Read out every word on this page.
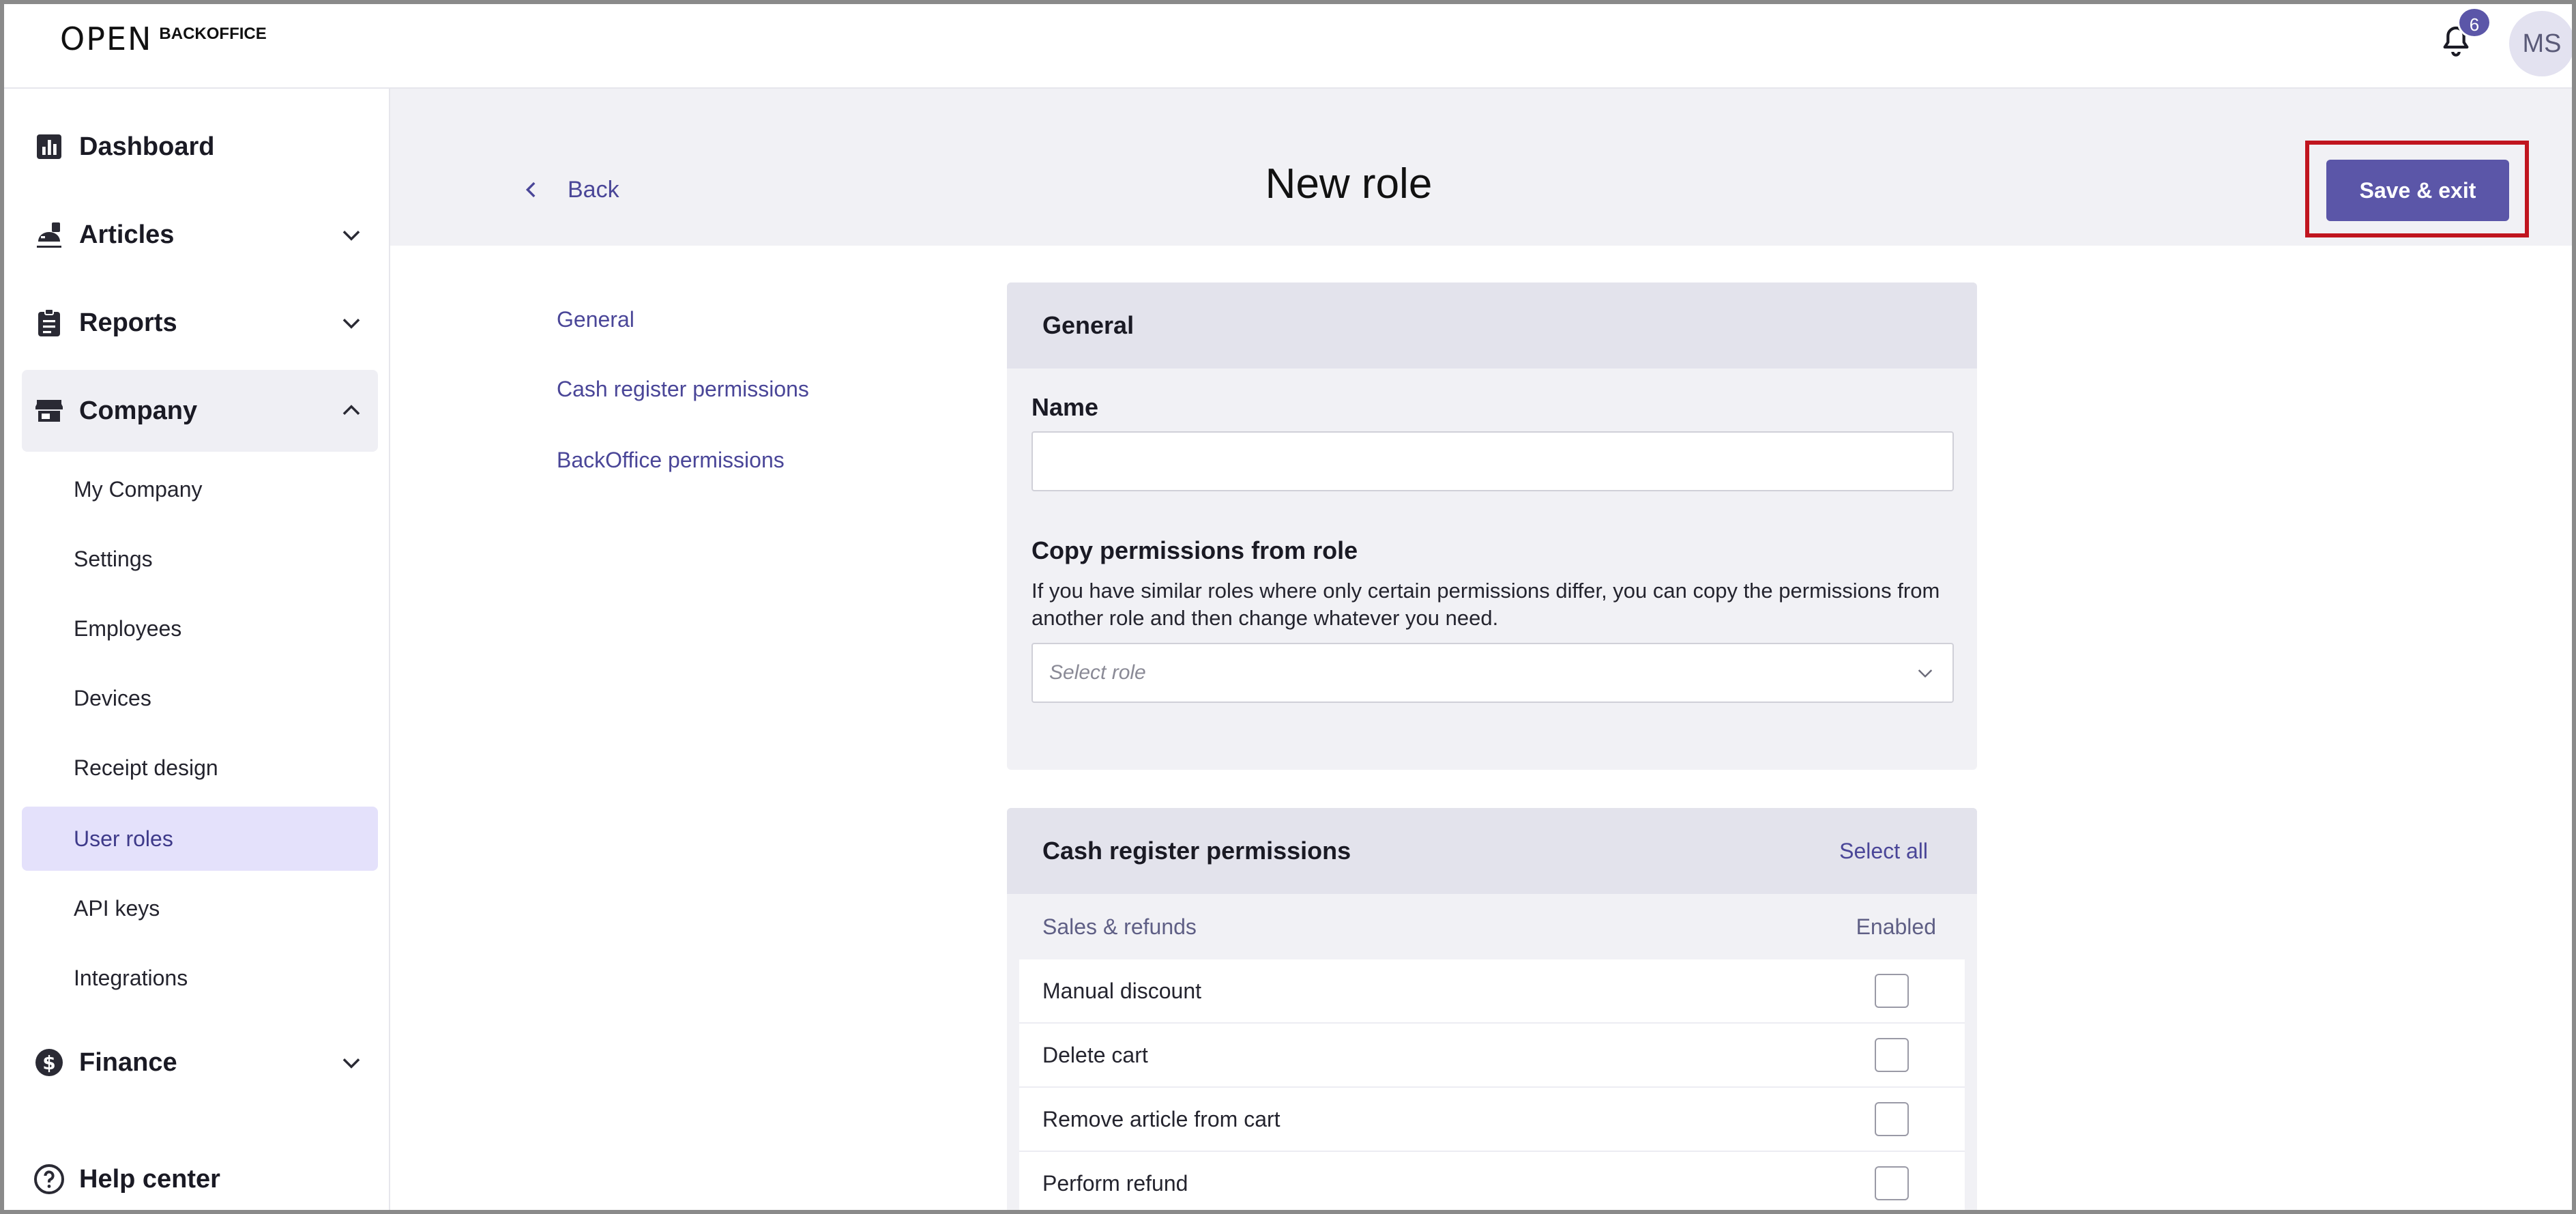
OPEN BACKOFFICE	6
MS
Dashboard
Articles
Reports
Company
My Company
Settings
Employees
Devices
Receipt design
User roles
API keys
Integrations
$ Finance
Help center
Back	New role	Save & exit
General
Cash register permissions
BackOffice permissions
General
Name
Copy permissions from role
If you have similar roles where only certain permissions differ, you can copy the permissions from another role and then change whatever you need.
Select role
Cash register permissions	Select all
Sales & refunds	Enabled
Manual discount
Delete cart
Remove article from cart
Perform refund
